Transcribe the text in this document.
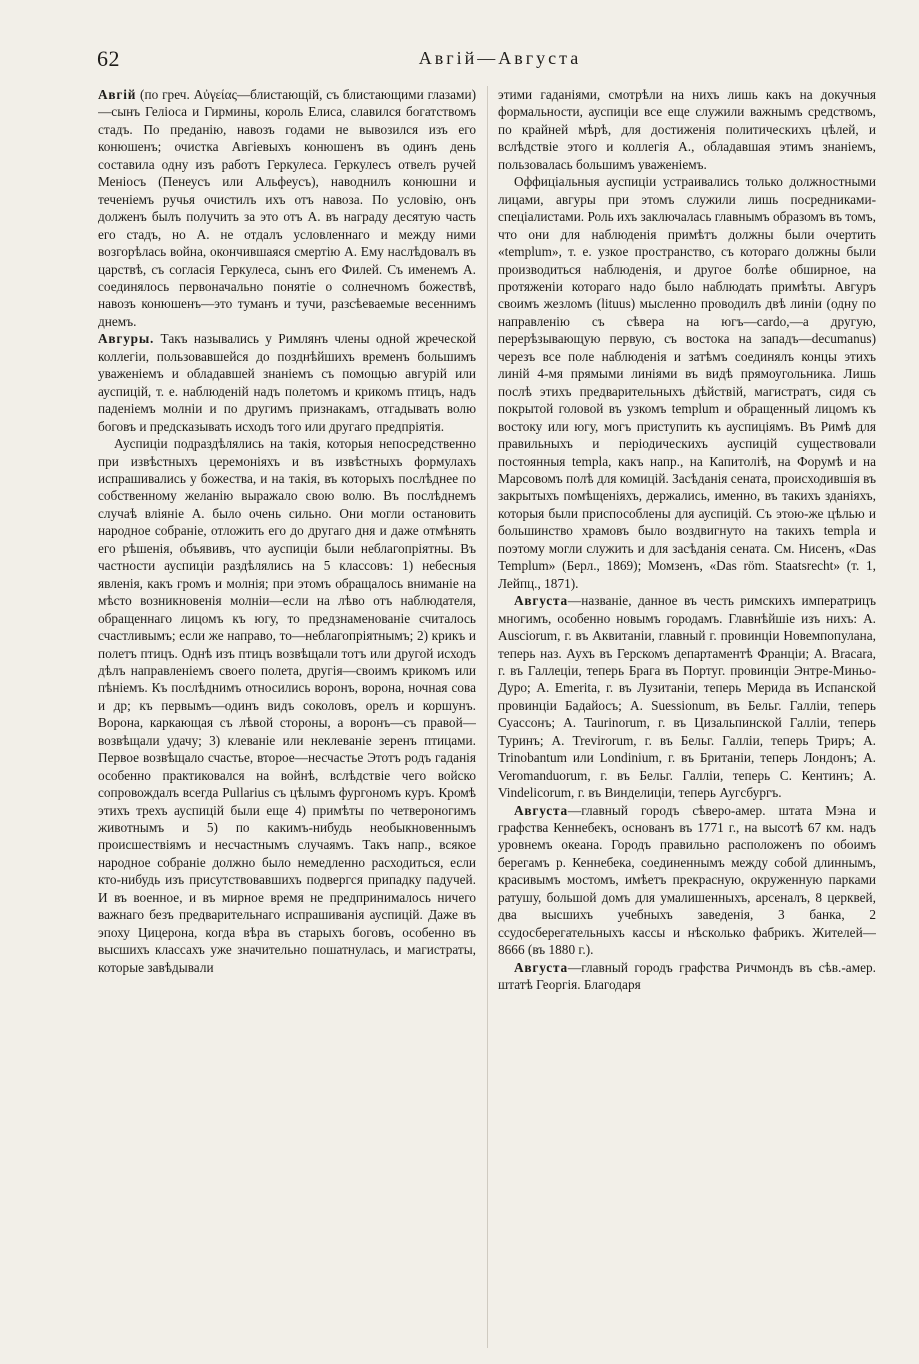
62	Авгій—Августа

Авгій (по греч. Αὐγείας—блистающій, съ блистающими глазами)—сынъ Геліоса и Гирмины, король Елиса, славился богатствомъ стадъ. По преданію, навозъ годами не вывозился изъ его конюшенъ; очистка Авгіевыхъ конюшенъ въ одинъ день составила одну изъ работъ Геркулеса. Геркулесъ отвелъ ручей Меніосъ (Пенеусъ или Альфеусъ), наводнилъ конюшни и теченіемъ ручья очистилъ ихъ отъ навоза. По условію, онъ долженъ былъ получить за это отъ А. въ награду десятую часть его стадъ, но А. не отдалъ условленнаго и между ними возгорѣлась война, окончившаяся смертію А. Ему наслѣдовалъ въ царствѣ, съ согласія Геркулеса, сынъ его Филей. Съ именемъ А. соединялось первоначально понятіе о солнечномъ божествѣ, навозъ конюшенъ—это туманъ и тучи, разсѣеваемые весеннимъ днемъ.

Авгуры. Такъ назывались у Римлянъ члены одной жреческой коллегіи, пользовавшейся до позднѣйшихъ временъ большимъ уваженіемъ и обладавшей знаніемъ съ помощью авгурій или ауспицій, т. е. наблюденій надъ полетомъ и крикомъ птицъ, надъ паденіемъ молніи и по другимъ признакамъ, отгадывать волю боговъ и предсказывать исходъ того или другаго предпріятія.

Ауспиціи подраздѣлялись на такія, которыя непосредственно при извѣстныхъ церемоніяхъ и въ извѣстныхъ формулахъ испрашивались у божества, и на такія, въ которыхъ послѣднее по собственному желанію выражало свою волю. Въ послѣднемъ случаѣ вліяніе А. было очень сильно. Они могли остановить народное собраніе, отложить его до другаго дня и даже отмѣнять его рѣшенія, объявивъ, что ауспиціи были неблагопріятны. Въ частности ауспиціи раздѣлялись на 5 классовъ: 1) небесныя явленія, какъ громъ и молнія; при этомъ обращалось вниманіе на мѣсто возникновенія молніи—если на лѣво отъ наблюдателя, обращеннаго лицомъ къ югу, то предзнаменованіе считалось счастливымъ; если же направо, то—неблагопріятнымъ; 2) крикъ и полетъ птицъ. Однѣ изъ птицъ возвѣщали тотъ или другой исходъ дѣлъ направленіемъ своего полета, другія—своимъ крикомъ или пѣніемъ. Къ послѣднимъ относились воронъ, ворона, ночная сова и др; къ первымъ—одинъ видъ соколовъ, орелъ и коршунъ. Ворона, каркающая съ лѣвой стороны, а воронъ—съ правой—возвѣщали удачу; 3) клеваніе или неклеваніе зеренъ птицами. Первое возвѣщало счастье, второе—несчастье Этотъ родъ гаданія особенно практиковался на войнѣ, вслѣдствіе чего войско сопровождалъ всегда Pullarius съ цѣлымъ фургономъ куръ. Кромѣ этихъ трехъ ауспицій были еще 4) примѣты по четвероногимъ животнымъ и 5) по какимъ-нибудь необыкновеннымъ происшествіямъ и несчастнымъ случаямъ. Такъ напр., всякое народное собраніе должно было немедленно расходиться, если кто-нибудь изъ присутствовавшихъ подвергся припадку падучей. И въ военное, и въ мирное время не предпринималось ничего важнаго безъ предварительнаго испрашиванія ауспицій. Даже въ эпоху Цицерона, когда вѣра въ старыхъ боговъ, особенно въ высшихъ классахъ уже значительно пошатнулась, и магистраты, которые завѣдывали

этими гаданіями, смотрѣли на нихъ лишь какъ на докучныя формальности, ауспиціи все еще служили важнымъ средствомъ, по крайней мѣрѣ, для достиженія политическихъ цѣлей, и вслѣдствіе этого и коллегія А., обладавшая этимъ знаніемъ, пользовалась большимъ уваженіемъ.

Оффиціальныя ауспиціи устраивались только должностными лицами, авгуры при этомъ служили лишь посредниками-спеціалистами. Роль ихъ заключалась главнымъ образомъ въ томъ, что они для наблюденія примѣтъ должны были очертить «templum», т. е. узкое пространство, съ котораго должны были производиться наблюденія, и другое болѣе обширное, на протяженіи котораго надо было наблюдать примѣты. Авгуръ своимъ жезломъ (lituus) мысленно проводилъ двѣ линіи (одну по направленію съ сѣвера на югъ—cardo,—а другую, перерѣзывающую первую, съ востока на западъ—decumanus) черезъ все поле наблюденія и затѣмъ соединялъ концы этихъ линій 4-мя прямыми линіями въ видѣ прямоугольника. Лишь послѣ этихъ предварительныхъ дѣйствій, магистратъ, сидя съ покрытой головой въ узкомъ templum и обращенный лицомъ къ востоку или югу, могъ приступить къ ауспиціямъ. Въ Римѣ для правильныхъ и періодическихъ ауспицій существовали постоянныя templa, какъ напр., на Капитоліѣ, на Форумѣ и на Марсовомъ полѣ для комицій. Засѣданія сената, происходившія въ закрытыхъ помѣщеніяхъ, держались, именно, въ такихъ зданіяхъ, которыя были приспособлены для ауспицій. Съ этою-же цѣлью и большинство храмовъ было воздвигнуто на такихъ templa и поэтому могли служить и для засѣданія сената. См. Нисенъ, «Das Templum» (Берл., 1869); Момзенъ, «Das röm. Staatsrecht» (т. 1, Лейпц., 1871).

Августа—названіе, данное въ честь римскихъ императрицъ многимъ, особенно новымъ городамъ. Главнѣйшіе изъ нихъ: А. Auscіorum, г. въ Аквитаніи, главный г. провинціи Новемпопулана, теперь наз. Аухъ въ Герскомъ департаментѣ Франціи; А. Bracara, г. въ Галлеціи, теперь Брага въ Португ. провинціи Энтре-Миньо-Дуро; А. Emerita, г. въ Лузитаніи, теперь Мерида въ Испанской провинціи Бадайосъ; А. Suessionum, въ Бельг. Галліи, теперь Суассонъ; А. Taurinorum, г. въ Цизальпинской Галліи, теперь Туринъ; А. Trevirorum, г. въ Бельг. Галліи, теперь Триръ; А. Trinobantum или Londinium, г. въ Британіи, теперь Лондонъ; А. Veromanduorum, г. въ Бельг. Галліи, теперь С. Кентинъ; А. Vindelicorum, г. въ Винделиціи, теперь Аугсбургъ.

Августа—главный городъ сѣверо-амер. штата Мэна и графства Кеннебекъ, основанъ въ 1771 г., на высотѣ 67 км. надъ уровнемъ океана. Городъ правильно расположенъ по обоимъ берегамъ р. Кеннебека, соединеннымъ между собой длиннымъ, красивымъ мостомъ, имѣетъ прекрасную, окруженную парками ратушу, большой домъ для умалишенныхъ, арсеналъ, 8 церквей, два высшихъ учебныхъ заведенія, 3 банка, 2 ссудосберегательныхъ кассы и нѣсколько фабрикъ. Жителей—8666 (въ 1880 г.).

Августа—главный городъ графства Ричмондъ въ сѣв.-амер. штатѣ Георгія. Благодаря
